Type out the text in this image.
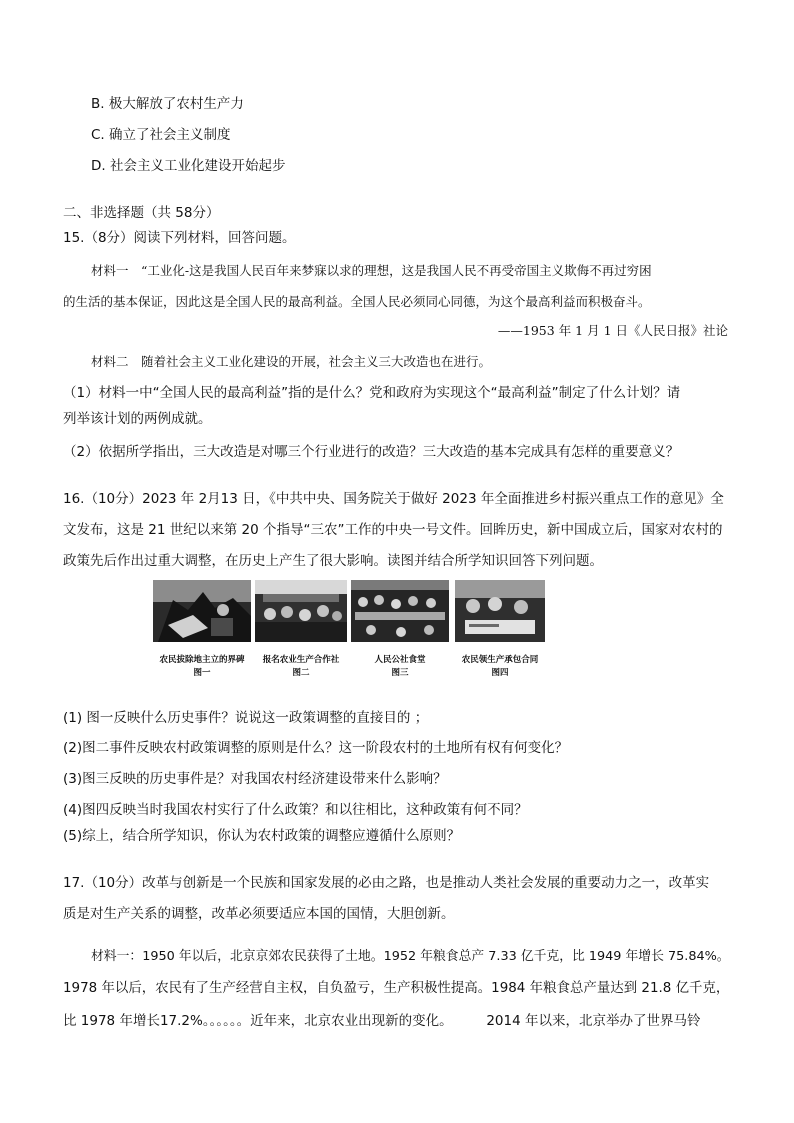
B. 极大解放了农村生产力
C. 确立了社会主义制度
D. 社会主义工业化建设开始起步
二、非选择题（共 58分）
15.（8分）阅读下列材料，回答问题。
材料一　“工业化-这是我国人民百年来梦寐以求的理想，这是我国人民不再受帝国主义欺侮不再过穷困
的生活的基本保证，因此这是全国人民的最高利益。全国人民必须同心同德，为这个最高利益而积极奋斗。
——1953 年 1 月 1 日《人民日报》社论
材料二　随着社会主义工业化建设的开展，社会主义三大改造也在进行。
（1）材料一中“全国人民的最高利益”指的是什么？党和政府为实现这个“最高利益”制定了什么计划？请
列举该计划的两例成就。
（2）依据所学指出，三大改造是对哪三个行业进行的改造？三大改造的基本完成具有怎样的重要意义？
16.（10分）2023 年 2月13 日，《中共中央、国务院关于做好 2023 年全面推进乡村振兴重点工作的意见》全
文发布，这是 21 世纪以来第 20 个指导“三农”工作的中央一号文件。回眸历史，新中国成立后，国家对农村的
政策先后作出过重大调整，在历史上产生了很大影响。读图并结合所学知识回答下列问题。
农民拔除地主立的界碑
图一
报名农业生产合作社
图二
人民公社食堂
图三
农民领生产承包合同
图四
(1) 图一反映什么历史事件？说说这一政策调整的直接目的 ；
(2)图二事件反映农村政策调整的原则是什么？这一阶段农村的土地所有权有何变化？
(3)图三反映的历史事件是？对我国农村经济建设带来什么影响？
(4)图四反映当时我国农村实行了什么政策？和以往相比，这种政策有何不同？
(5)综上，结合所学知识，你认为农村政策的调整应遵循什么原则？
17.（10分）改革与创新是一个民族和国家发展的必由之路，也是推动人类社会发展的重要动力之一，改革实
质是对生产关系的调整，改革必须要适应本国的国情，大胆创新。
材料一：1950 年以后，北京京郊农民获得了土地。1952 年粮食总产 7.33 亿千克，比 1949 年增长 75.84%。
1978 年以后，农民有了生产经营自主权，自负盈亏，生产积极性提高。1984 年粮食总产量达到 21.8 亿千克，
比 1978 年增长17.2%。。。。。。近年来，北京农业出现新的变化。　　　2014 年以来，北京举办了世界马铃
